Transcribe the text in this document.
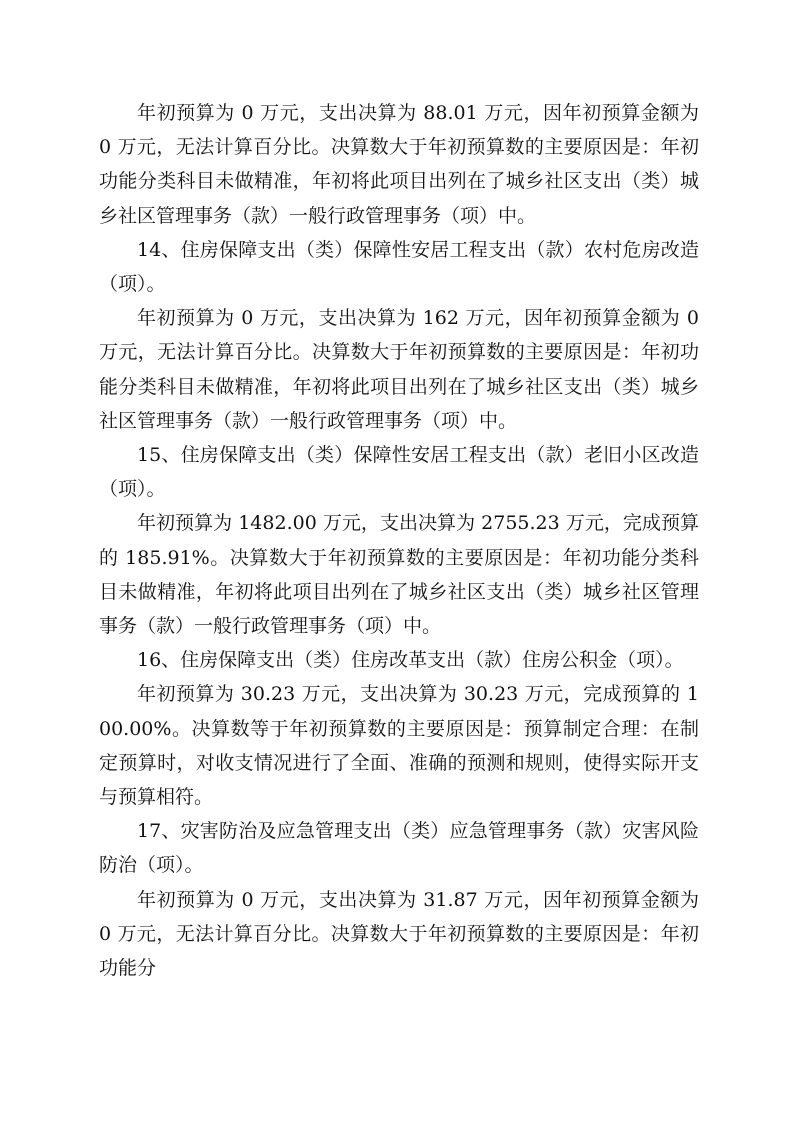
年初预算为 0 万元，支出决算为 88.01 万元，因年初预算金额为 0 万元，无法计算百分比。决算数大于年初预算数的主要原因是：年初功能分类科目未做精准，年初将此项目出列在了城乡社区支出（类）城乡社区管理事务（款）一般行政管理事务（项）中。

14、住房保障支出（类）保障性安居工程支出（款）农村危房改造（项）。

年初预算为 0 万元，支出决算为 162 万元，因年初预算金额为 0 万元，无法计算百分比。决算数大于年初预算数的主要原因是：年初功能分类科目未做精准，年初将此项目出列在了城乡社区支出（类）城乡社区管理事务（款）一般行政管理事务（项）中。

15、住房保障支出（类）保障性安居工程支出（款）老旧小区改造（项）。

年初预算为 1482.00 万元，支出决算为 2755.23 万元，完成预算的 185.91%。决算数大于年初预算数的主要原因是：年初功能分类科目未做精准，年初将此项目出列在了城乡社区支出（类）城乡社区管理事务（款）一般行政管理事务（项）中。

16、住房保障支出（类）住房改革支出（款）住房公积金（项）。

年初预算为 30.23 万元，支出决算为 30.23 万元，完成预算的 100.00%。决算数等于年初预算数的主要原因是：预算制定合理：在制定预算时，对收支情况进行了全面、准确的预测和规则，使得实际开支与预算相符。

17、灾害防治及应急管理支出（类）应急管理事务（款）灾害风险防治（项）。

年初预算为 0 万元，支出决算为 31.87 万元，因年初预算金额为 0 万元，无法计算百分比。决算数大于年初预算数的主要原因是：年初功能分
